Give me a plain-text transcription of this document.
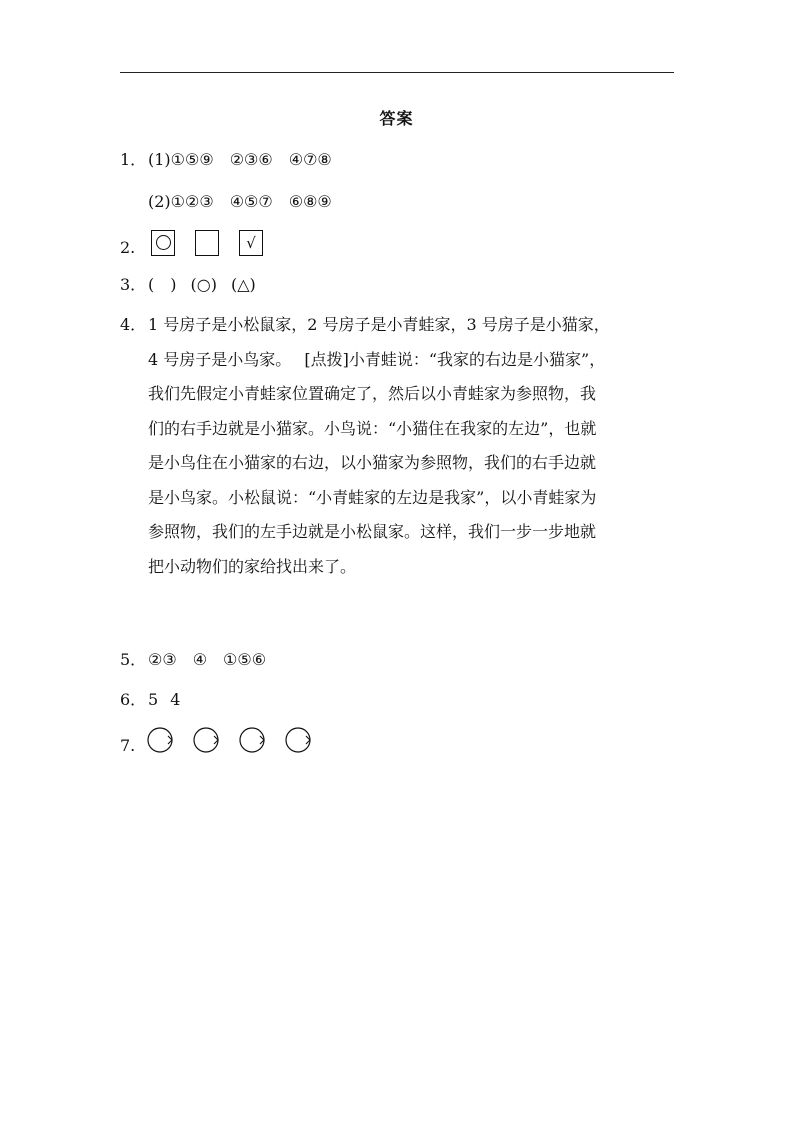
答案
1． (1)①⑤⑨ ②③⑥ ④⑦⑧
(2)①②③ ④⑤⑦ ⑥⑧⑨
2.	√
3． (　) (○) (△)
4． 1 号房子是小松鼠家，2 号房子是小青蛙家，3 号房子是小猫家，
4 号房子是小鸟家。　 [点拨]小青蛙说：“我家的右边是小猫家”，
我们先假定小青蛙家位置确定了，然后以小青蛙家为参照物，我
们的右手边就是小猫家。小鸟说：“小猫住在我家的左边”，也就
是小鸟住在小猫家的右边，以小猫家为参照物，我们的右手边就
是小鸟家。小松鼠说：“小青蛙家的左边是我家”，以小青蛙家为
参照物，我们的左手边就是小松鼠家。这样，我们一步一步地就
把小动物们的家给找出来了。
5． ②③ ④ ①⑤⑥
6． 5 4
7.
